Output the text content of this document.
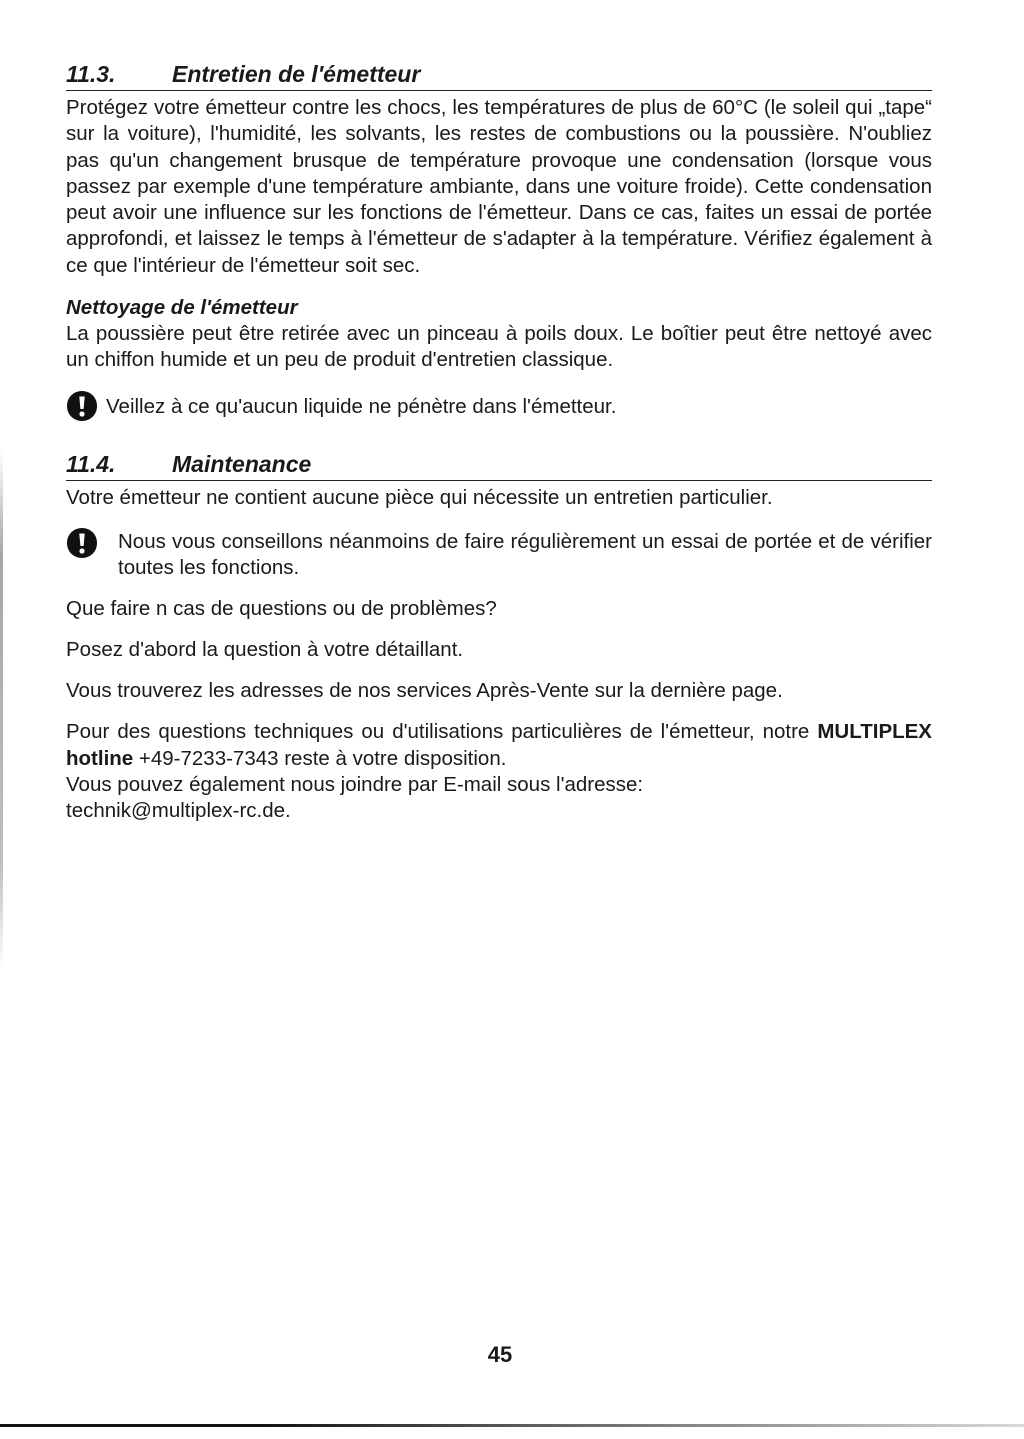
11.3.	Entretien de l'émetteur

Protégez votre émetteur contre les chocs, les températures de plus de 60°C (le soleil qui „tape“ sur la voiture), l'humidité, les solvants, les restes de combustions ou la poussière. N'oubliez pas qu'un changement brusque de température provoque une condensation (lorsque vous passez par exemple d'une température ambiante, dans une voiture froide). Cette condensation peut avoir une influence sur les fonctions de l'émetteur. Dans ce cas, faites un essai de portée approfondi, et laissez le temps à l'émetteur de s'adapter à la température. Vérifiez également à ce que l'intérieur de l'émetteur soit sec.

Nettoyage de l'émetteur

La poussière peut être retirée avec un pinceau à poils doux. Le boîtier peut être nettoyé avec un chiffon humide et un peu de produit d'entretien classique.

Veillez à ce qu'aucun liquide ne pénètre dans l'émetteur.
11.4.	Maintenance

Votre émetteur ne contient aucune pièce qui nécessite un entretien particulier.

Nous vous conseillons néanmoins de faire régulièrement un essai de portée et de vérifier toutes les fonctions.

Que faire n cas de questions ou de problèmes?

Posez d'abord la question à votre détaillant.

Vous trouverez les adresses de nos services Après-Vente sur la dernière page.

Pour des questions techniques ou d'utilisations particulières de l'émetteur, notre MULTIPLEX hotline +49-7233-7343 reste à votre disposition.

Vous pouvez également nous joindre par E-mail sous l'adresse:

technik@multiplex-rc.de.

45
